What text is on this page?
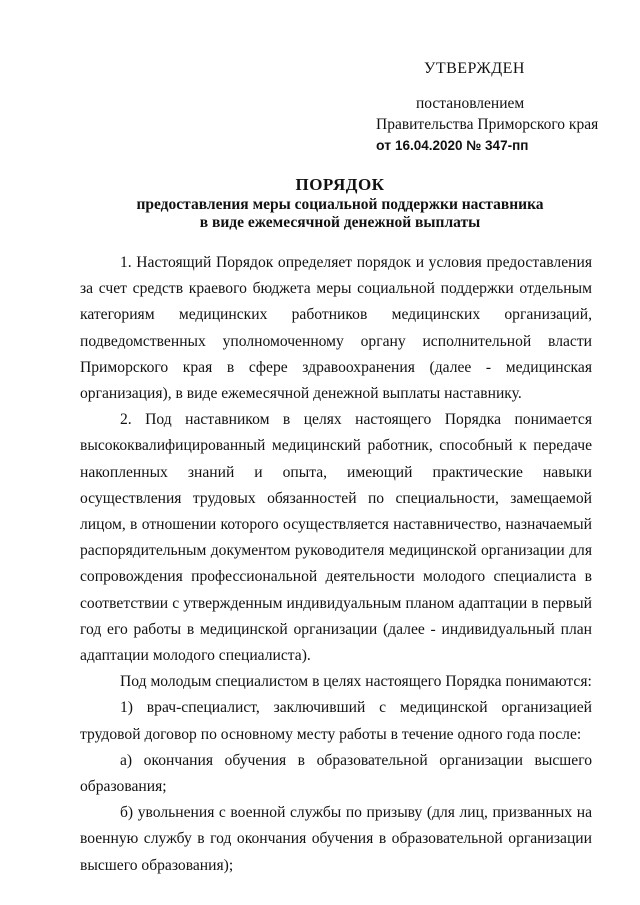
УТВЕРЖДЕН
постановлением
Правительства Приморского края
от 16.04.2020 № 347-пп
ПОРЯДОК
предоставления меры социальной поддержки наставника
в виде ежемесячной денежной выплаты

1. Настоящий Порядок определяет порядок и условия предоставления за счет средств краевого бюджета меры социальной поддержки отдельным категориям медицинских работников медицинских организаций, подведомственных уполномоченному органу исполнительной власти Приморского края в сфере здравоохранения (далее - медицинская организация), в виде ежемесячной денежной выплаты наставнику.

2. Под наставником в целях настоящего Порядка понимается высококвалифицированный медицинский работник, способный к передаче накопленных знаний и опыта, имеющий практические навыки осуществления трудовых обязанностей по специальности, замещаемой лицом, в отношении которого осуществляется наставничество, назначаемый распорядительным документом руководителя медицинской организации для сопровождения профессиональной деятельности молодого специалиста в соответствии с утвержденным индивидуальным планом адаптации в первый год его работы в медицинской организации (далее - индивидуальный план адаптации молодого специалиста).

Под молодым специалистом в целях настоящего Порядка понимаются:

1) врач-специалист, заключивший с медицинской организацией трудовой договор по основному месту работы в течение одного года после:

а) окончания обучения в образовательной организации высшего образования;

б) увольнения с военной службы по призыву (для лиц, призванных на военную службу в год окончания обучения в образовательной организации высшего образования);
